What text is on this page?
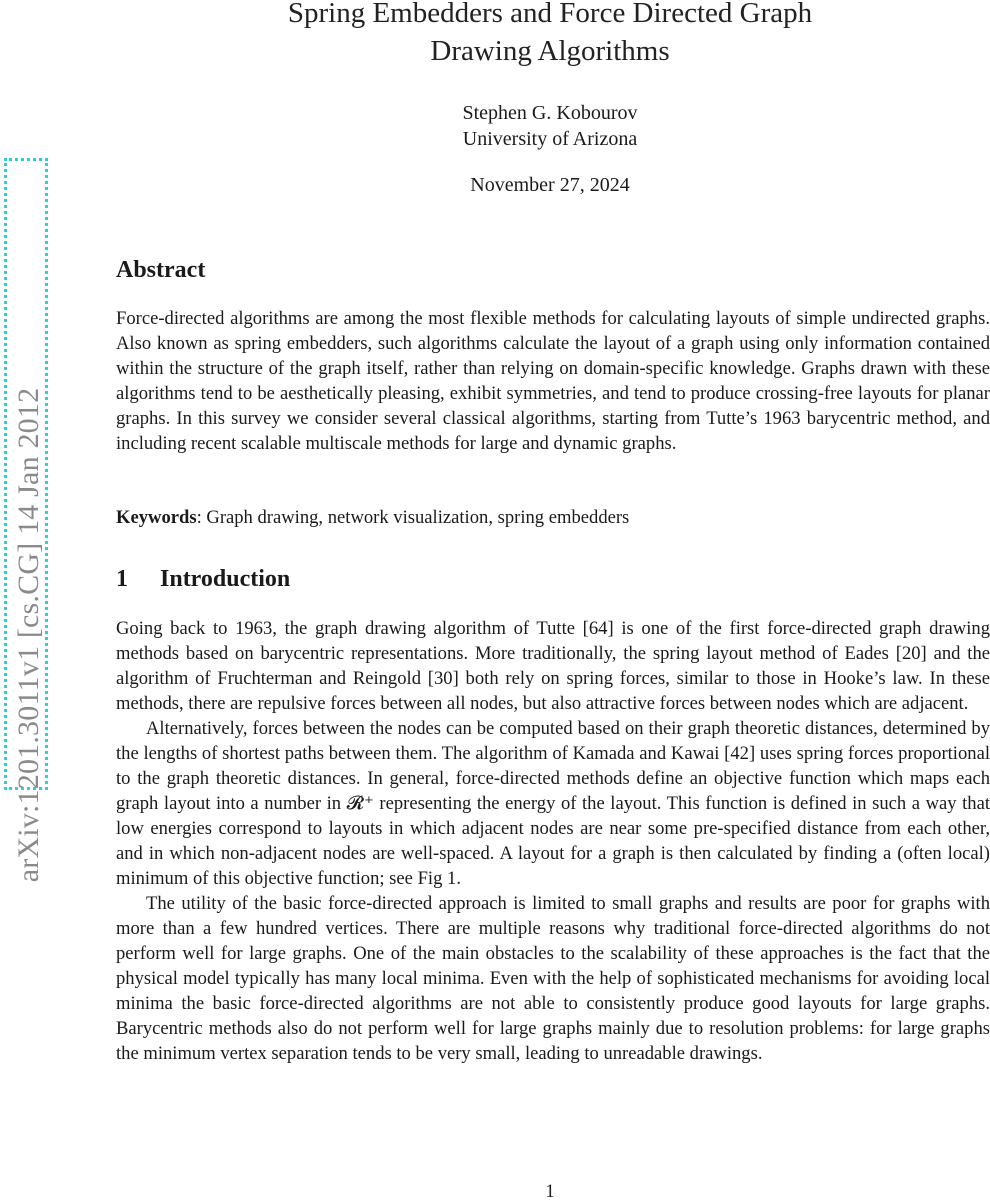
arXiv:1201.3011v1 [cs.CG] 14 Jan 2012
Spring Embedders and Force Directed Graph
Drawing Algorithms
Stephen G. Kobourov
University of Arizona
November 27, 2024
Abstract
Force-directed algorithms are among the most flexible methods for calculating layouts of simple undirected graphs. Also known as spring embedders, such algorithms calculate the layout of a graph using only information contained within the structure of the graph itself, rather than relying on domain-specific knowledge. Graphs drawn with these algorithms tend to be aesthetically pleasing, exhibit symmetries, and tend to produce crossing-free layouts for planar graphs. In this survey we consider several classical algorithms, starting from Tutte’s 1963 barycentric method, and including recent scalable multiscale methods for large and dynamic graphs.
Keywords: Graph drawing, network visualization, spring embedders
1 Introduction

Going back to 1963, the graph drawing algorithm of Tutte [64] is one of the first force-directed graph drawing methods based on barycentric representations. More traditionally, the spring layout method of Eades [20] and the algorithm of Fruchterman and Reingold [30] both rely on spring forces, similar to those in Hooke’s law. In these methods, there are repulsive forces between all nodes, but also attractive forces between nodes which are adjacent.

Alternatively, forces between the nodes can be computed based on their graph theoretic distances, determined by the lengths of shortest paths between them. The algorithm of Kamada and Kawai [42] uses spring forces proportional to the graph theoretic distances. In general, force-directed methods define an objective function which maps each graph layout into a number in 𝓡⁺ representing the energy of the layout. This function is defined in such a way that low energies correspond to layouts in which adjacent nodes are near some pre-specified distance from each other, and in which non-adjacent nodes are well-spaced. A layout for a graph is then calculated by finding a (often local) minimum of this objective function; see Fig 1.

The utility of the basic force-directed approach is limited to small graphs and results are poor for graphs with more than a few hundred vertices. There are multiple reasons why traditional force-directed algorithms do not perform well for large graphs. One of the main obstacles to the scalability of these approaches is the fact that the physical model typically has many local minima. Even with the help of sophisticated mechanisms for avoiding local minima the basic force-directed algorithms are not able to consistently produce good layouts for large graphs. Barycentric methods also do not perform well for large graphs mainly due to resolution problems: for large graphs the minimum vertex separation tends to be very small, leading to unreadable drawings.

1
